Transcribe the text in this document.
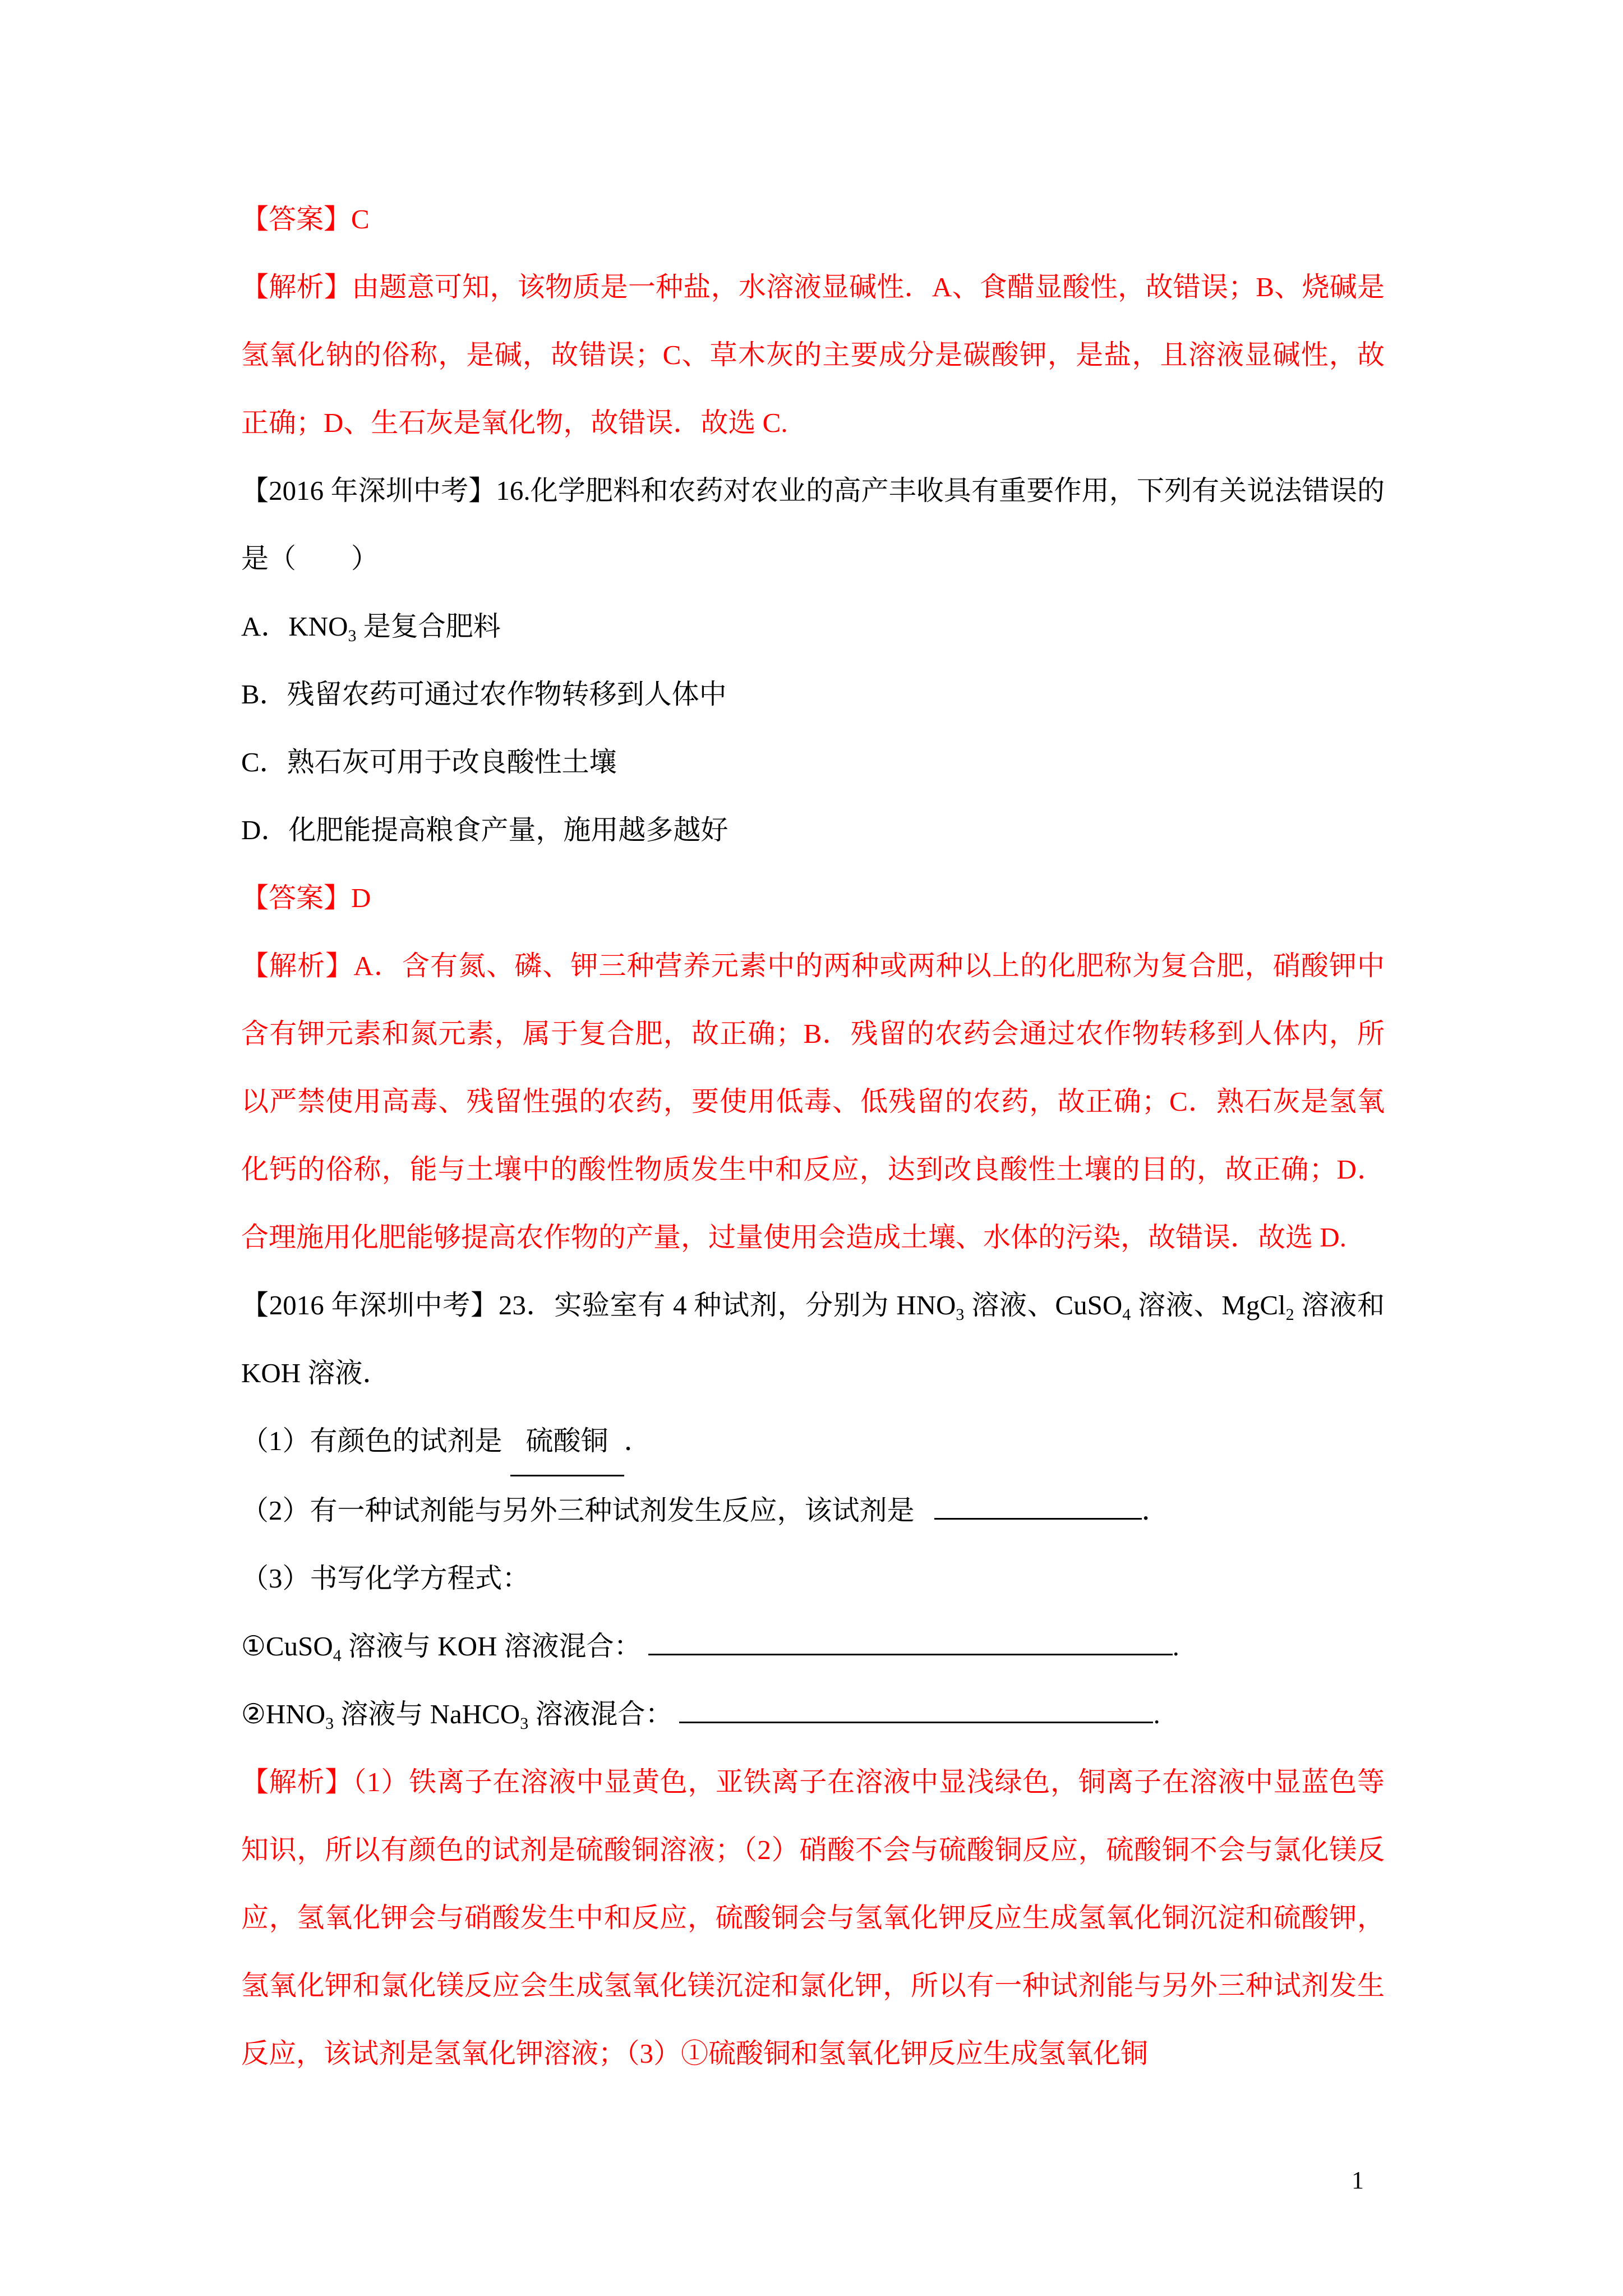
【答案】C

【解析】由题意可知，该物质是一种盐，水溶液显碱性．A、食醋显酸性，故错误；B、烧碱是氢氧化钠的俗称，是碱，故错误；C、草木灰的主要成分是碳酸钾，是盐，且溶液显碱性，故正确；D、生石灰是氧化物，故错误．故选 C.

【2016 年深圳中考】16.化学肥料和农药对农业的高产丰收具有重要作用，下列有关说法错误的是（　　）

A．$KNO_3$ 是复合肥料

B．残留农药可通过农作物转移到人体中

C．熟石灰可用于改良酸性土壤

D．化肥能提高粮食产量，施用越多越好

【答案】D

【解析】A．含有氮、磷、钾三种营养元素中的两种或两种以上的化肥称为复合肥，硝酸钾中含有钾元素和氮元素，属于复合肥，故正确；B．残留的农药会通过农作物转移到人体内，所以严禁使用高毒、残留性强的农药，要使用低毒、低残留的农药，故正确；C．熟石灰是氢氧化钙的俗称，能与土壤中的酸性物质发生中和反应，达到改良酸性土壤的目的，故正确；D．合理施用化肥能够提高农作物的产量，过量使用会造成土壤、水体的污染，故错误．故选 D.

【2016 年深圳中考】23．实验室有 4 种试剂，分别为 $HNO_3$ 溶液、CuSO$_4$ 溶液、MgCl$_2$ 溶液和 KOH 溶液．

（1）有颜色的试剂是 硫酸铜 ．

（2）有一种试剂能与另外三种试剂发生反应，该试剂是	．

（3）书写化学方程式：

①CuSO$_4$ 溶液与 KOH 溶液混合：	.

$②HNO_3$ 溶液与 NaHCO$_3$ 溶液混合：	.

【解析】（1）铁离子在溶液中显黄色，亚铁离子在溶液中显浅绿色，铜离子在溶液中显蓝色等知识，所以有颜色的试剂是硫酸铜溶液；（2）硝酸不会与硫酸铜反应，硫酸铜不会与氯化镁反应，氢氧化钾会与硝酸发生中和反应，硫酸铜会与氢氧化钾反应生成氢氧化铜沉淀和硫酸钾，氢氧化钾和氯化镁反应会生成氢氧化镁沉淀和氯化钾，所以有一种试剂能与另外三种试剂发生反应，该试剂是氢氧化钾溶液；（3）①硫酸铜和氢氧化钾反应生成氢氧化铜

1
